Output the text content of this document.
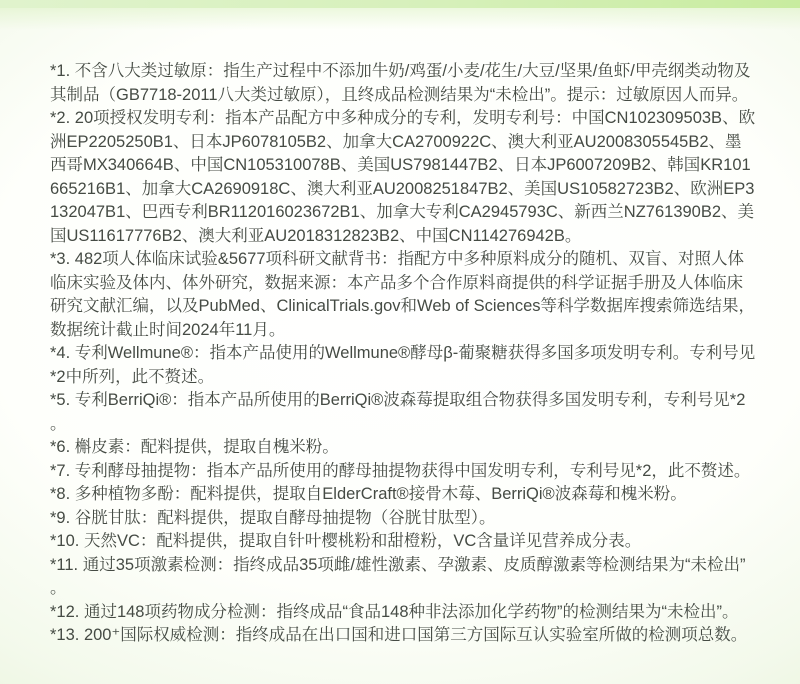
*1. 不含八大类过敏原：指生产过程中不添加牛奶/鸡蛋/小麦/花生/大豆/坚果/鱼虾/甲壳纲类动物及其制品（GB7718-2011八大类过敏原），且终成品检测结果为“未检出”。提示：过敏原因人而异。

*2. 20项授权发明专利：指本产品配方中多种成分的专利，发明专利号：中国CN102309503B、欧洲EP2205250B1、日本JP6078105B2、加拿大CA2700922C、澳大利亚AU2008305545B2、墨西哥MX340664B、中国CN105310078B、美国US7981447B2、日本JP6007209B2、韩国KR101665216B1、加拿大CA2690918C、澳大利亚AU2008251847B2、美国US10582723B2、欧洲EP3132047B1、巴西专利BR112016023672B1、加拿大专利CA2945793C、新西兰NZ761390B2、美国US11617776B2、澳大利亚AU2018312823B2、中国CN114276942B。

*3. 482项人体临床试验&5677项科研文献背书：指配方中多种原料成分的随机、双盲、对照人体临床实验及体内、体外研究，数据来源：本产品多个合作原料商提供的科学证据手册及人体临床研究文献汇编，以及PubMed、ClinicalTrials.gov和Web of Sciences等科学数据库搜索筛选结果，数据统计截止时间2024年11月。

*4. 专利Wellmune®：指本产品使用的Wellmune®酵母β-葡聚糖获得多国多项发明专利。专利号见*2中所列，此不赘述。

*5. 专利BerriQi®：指本产品所使用的BerriQi®波森莓提取组合物获得多国发明专利，专利号见*2。

*6. 槲皮素：配料提供，提取自槐米粉。

*7. 专利酵母抽提物：指本产品所使用的酵母抽提物获得中国发明专利，专利号见*2，此不赘述。

*8. 多种植物多酚：配料提供，提取自ElderCraft®接骨木莓、BerriQi®波森莓和槐米粉。

*9. 谷胱甘肽：配料提供，提取自酵母抽提物（谷胱甘肽型）。

*10. 天然VC：配料提供，提取自针叶樱桃粉和甜橙粉，VC含量详见营养成分表。

*11. 通过35项激素检测：指终成品35项雌/雄性激素、孕激素、皮质醇激素等检测结果为“未检出”。

*12. 通过148项药物成分检测：指终成品“食品148种非法添加化学药物”的检测结果为“未检出”。

*13. 200⁺国际权威检测：指终成品在出口国和进口国第三方国际互认实验室所做的检测项总数。
